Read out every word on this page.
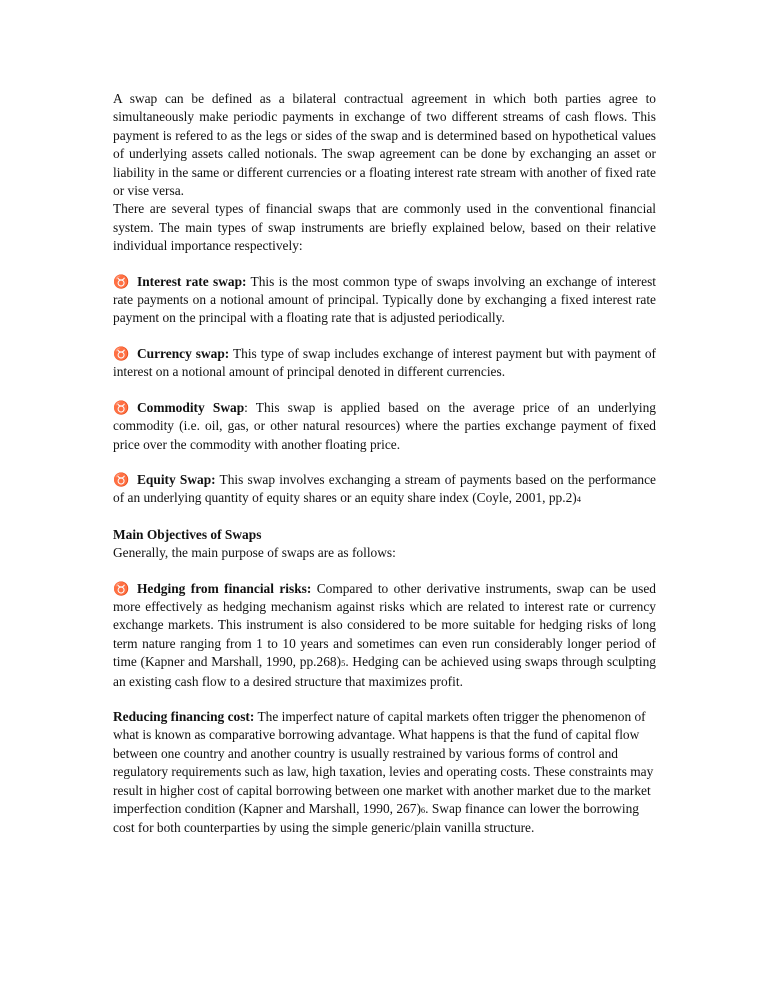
A swap can be defined as a bilateral contractual agreement in which both parties agree to simultaneously make periodic payments in exchange of two different streams of cash flows. This payment is refered to as the legs or sides of the swap and is determined based on hypothetical values of underlying assets called notionals. The swap agreement can be done by exchanging an asset or liability in the same or different currencies or a floating interest rate stream with another of fixed rate or vise versa.

There are several types of financial swaps that are commonly used in the conventional financial system. The main types of swap instruments are briefly explained below, based on their relative individual importance respectively:

♉ Interest rate swap: This is the most common type of swaps involving an exchange of interest rate payments on a notional amount of principal. Typically done by exchanging a fixed interest rate payment on the principal with a floating rate that is adjusted periodically.

♉ Currency swap: This type of swap includes exchange of interest payment but with payment of interest on a notional amount of principal denoted in different currencies.

♉ Commodity Swap: This swap is applied based on the average price of an underlying commodity (i.e. oil, gas, or other natural resources) where the parties exchange payment of fixed price over the commodity with another floating price.

♉ Equity Swap: This swap involves exchanging a stream of payments based on the performance of an underlying quantity of equity shares or an equity share index (Coyle, 2001, pp.2)4

Main Objectives of Swaps

Generally, the main purpose of swaps are as follows:

♉ Hedging from financial risks: Compared to other derivative instruments, swap can be used more effectively as hedging mechanism against risks which are related to interest rate or currency exchange markets. This instrument is also considered to be more suitable for hedging risks of long term nature ranging from 1 to 10 years and sometimes can even run considerably longer period of time (Kapner and Marshall, 1990, pp.268)5. Hedging can be achieved using swaps through sculpting an existing cash flow to a desired structure that maximizes profit.

Reducing financing cost: The imperfect nature of capital markets often trigger the phenomenon of what is known as comparative borrowing advantage. What happens is that the fund of capital flow between one country and another country is usually restrained by various forms of control and regulatory requirements such as law, high taxation, levies and operating costs. These constraints may result in higher cost of capital borrowing between one market with another market due to the market imperfection condition (Kapner and Marshall, 1990, 267)6. Swap finance can lower the borrowing cost for both counterparties by using the simple generic/plain vanilla structure.
